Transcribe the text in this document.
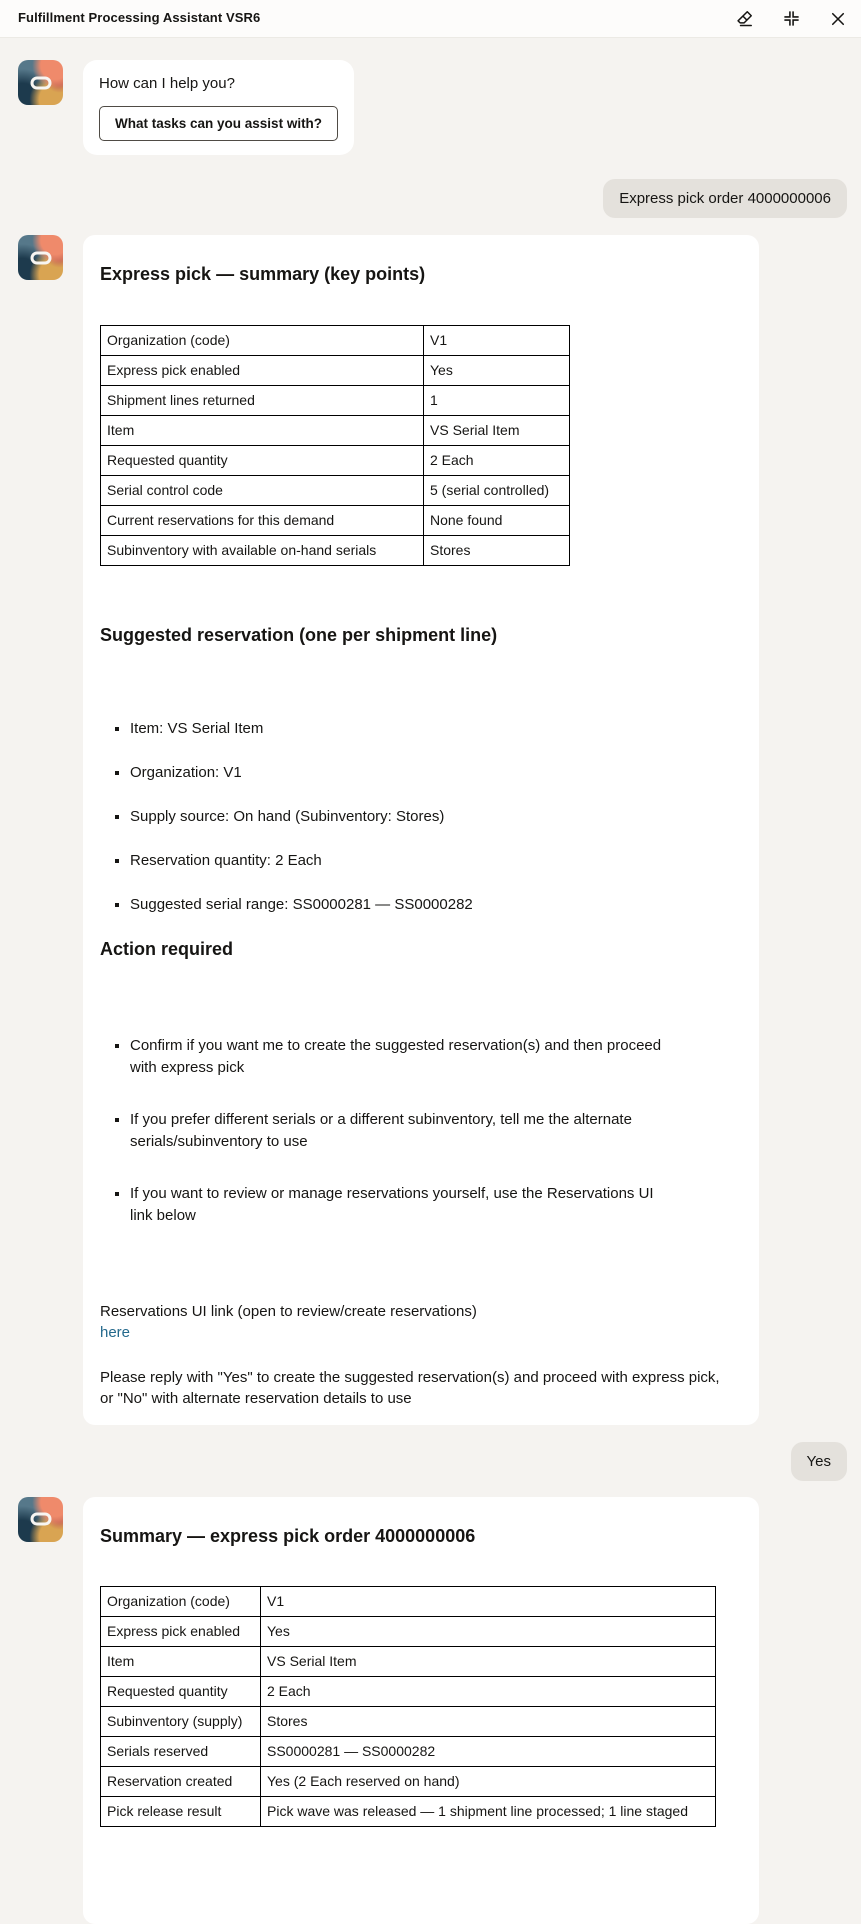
Fulfillment Processing Assistant VSR6

How can I help you?

What tasks can you assist with?
Express pick order 4000000006
Express pick — summary (key points)
Organization (code)	V1
Express pick enabled	Yes
Shipment lines returned	1
Item	VS Serial Item
Requested quantity	2 Each
Serial control code	5 (serial controlled)
Current reservations for this demand	None found
Subinventory with available on-hand serials	Stores
Suggested reservation (one per shipment line)
▪ Item: VS Serial Item
▪ Organization: V1
▪ Supply source: On hand (Subinventory: Stores)
▪ Reservation quantity: 2 Each
▪ Suggested serial range: SS0000281 — SS0000282
Action required
▪ Confirm if you want me to create the suggested reservation(s) and then proceed with express pick
▪ If you prefer different serials or a different subinventory, tell me the alternate serials/subinventory to use
▪ If you want to review or manage reservations yourself, use the Reservations UI link below

Reservations UI link (open to review/create reservations)

here

Please reply with "Yes" to create the suggested reservation(s) and proceed with express pick, or "No" with alternate reservation details to use

Yes
Summary — express pick order 4000000006
Organization (code)	V1
Express pick enabled	Yes
Item	VS Serial Item
Requested quantity	2 Each
Subinventory (supply)	Stores
Serials reserved	SS0000281 — SS0000282
Reservation created	Yes (2 Each reserved on hand)
Pick release result	Pick wave was released — 1 shipment line processed; 1 line staged
